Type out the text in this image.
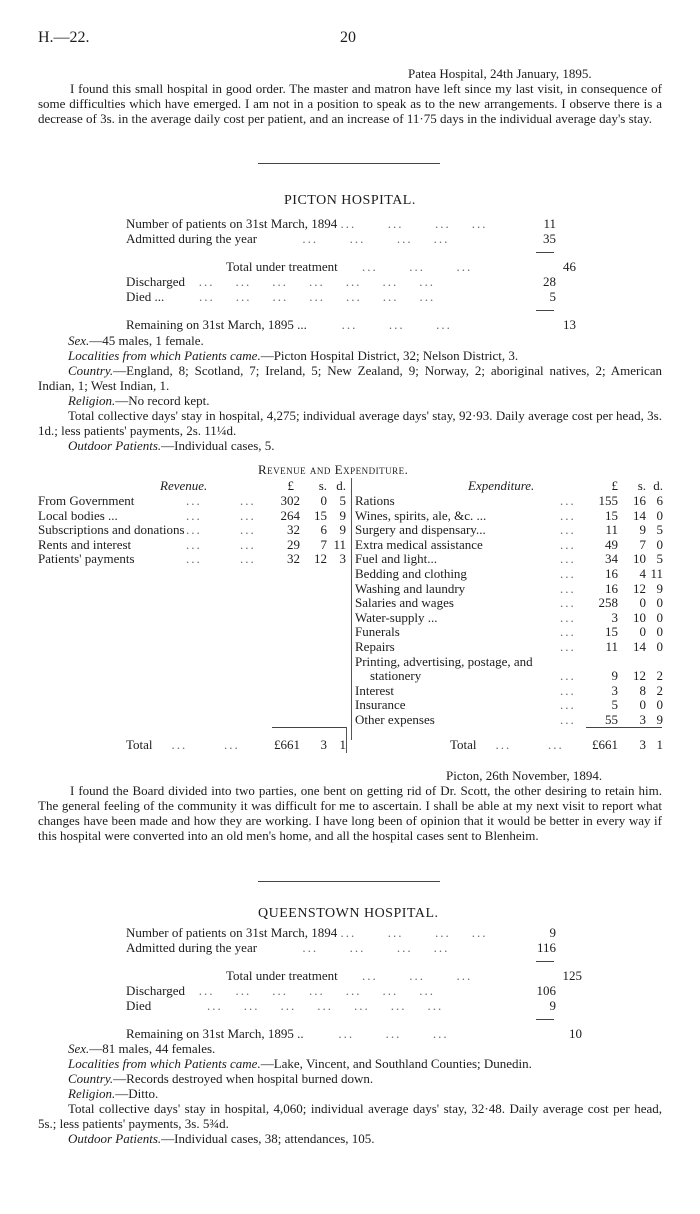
H.—22.	20
Patea Hospital, 24th January, 1895.

I found this small hospital in good order. The master and matron have left since my last visit, in consequence of some difficulties which have emerged. I am not in a position to speak as to the new arrangements. I observe there is a decrease of 3s. in the average daily cost per patient, and an increase of 11·75 days in the individual average day's stay.

PICTON HOSPITAL.
Number of patients on 31st March, 1894 ...      ...      ...    ...	11
Admitted during the year         ...      ...      ...    ...	35
Total under treatment     ...      ...      ...	46
Discharged   ...    ...    ...    ...    ...    ...    ...	28
Died ...       ...    ...    ...    ...    ...    ...    ...	5
Remaining on 31st March, 1895 ...       ...      ...      ...	13
Sex.—45 males, 1 female.
Localities from which Patients came.—Picton Hospital District, 32; Nelson District, 3.

Country.—England, 8; Scotland, 7; Ireland, 5; New Zealand, 9; Norway, 2; aboriginal natives, 2; American Indian, 1; West Indian, 1.

Religion.—No record kept.

Total collective days' stay in hospital, 4,275; individual average days' stay, 92·93. Daily average cost per head, 3s. 1d.; less patients' payments, 2s. 11¼d.

Outdoor Patients.—Individual cases, 5.
Revenue and Expenditure.
Revenue.	Expenditure.
£	s. d.	£	s. d.
From Government	...	...	302	0 5
Local bodies ...	...	...	264	15 9
Subscriptions and donations ...	...	32	6 9
Rents and interest	...	...	29	7 11
Patients' payments	...	...	32	12 3
Rations	...	155	16 6
Wines, spirits, ale, &c. ...	...	15	14 0
Surgery and dispensary...	...	11	9 5
Extra medical assistance	...	49	7 0
Fuel and light...	...	34	10 5
Bedding and clothing	...	16	4 11
Washing and laundry	...	16	12 9
Salaries and wages	...	258	0 0
Water-supply ...	...	3	10 0
Funerals	...	15	0 0
Repairs	...	11	14 0
Printing, advertising, postage, and
stationery	...	9	12 2
Interest	...	3	8 2
Insurance	...	5	0 0
Other expenses	...	55	3 9
Total    ...       ...	£661	3 1	Total    ...       ...	£661	3 1
Picton, 26th November, 1894.

I found the Board divided into two parties, one bent on getting rid of Dr. Scott, the other desiring to retain him. The general feeling of the community it was difficult for me to ascertain. I shall be able at my next visit to report what changes have been made and how they are working. I have long been of opinion that it would be better in every way if this hospital were converted into an old men's home, and all the hospital cases sent to Blenheim.

QUEENSTOWN HOSPITAL.
Number of patients on 31st March, 1894 ...      ...      ...    ...	9
Admitted during the year         ...      ...      ...    ...	116
Total under treatment     ...      ...      ...	125
Discharged   ...    ...    ...    ...    ...    ...    ...	106
Died           ...    ...    ...    ...    ...    ...    ...	9
Remaining on 31st March, 1895 ..       ...      ...      ...	10
Sex.—81 males, 44 females.
Localities from which Patients came.—Lake, Vincent, and Southland Counties; Dunedin.
Country.—Records destroyed when hospital burned down.
Religion.—Ditto.

Total collective days' stay in hospital, 4,060; individual average days' stay, 32·48. Daily average cost per head, 5s.; less patients' payments, 3s. 5¾d.

Outdoor Patients.—Individual cases, 38; attendances, 105.
